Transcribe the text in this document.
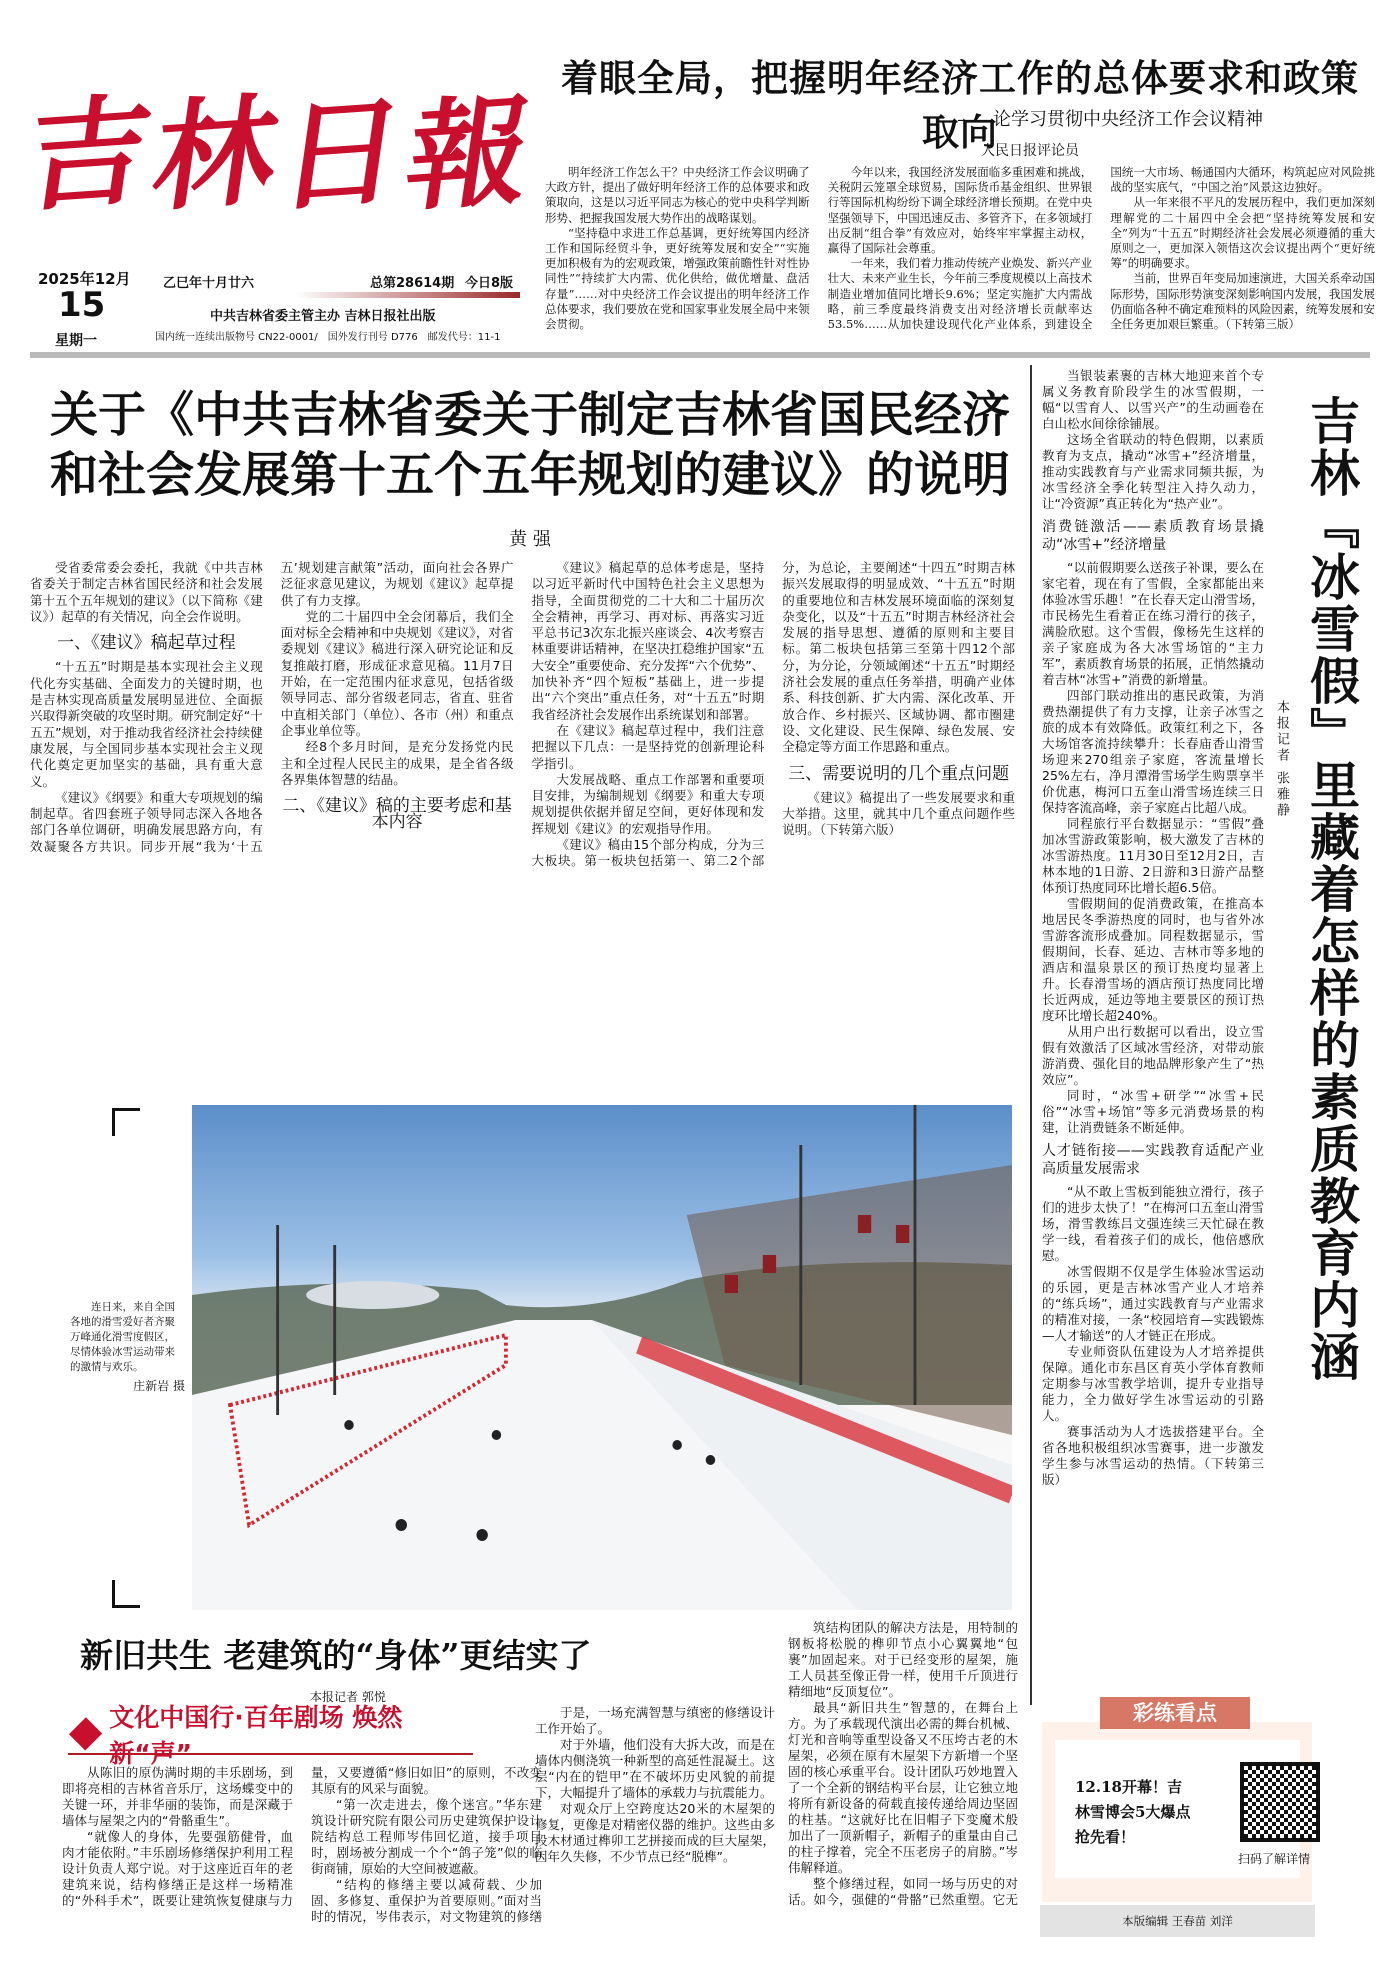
吉
林
日
報
2025年12月
15
星期一
乙巳年十月廿六	总第28614期 今日8版
中共吉林省委主管主办 吉林日报社出版
国内统一连续出版物号 CN22-0001/　国外发行刊号 D776　邮发代号：11-1
着眼全局，把握明年经济工作的总体要求和政策取向
——论学习贯彻中央经济工作会议精神
人民日报评论员

明年经济工作怎么干？中央经济工作会议明确了大政方针，提出了做好明年经济工作的总体要求和政策取向，这是以习近平同志为核心的党中央科学判断形势、把握我国发展大势作出的战略谋划。

“坚持稳中求进工作总基调，更好统筹国内经济工作和国际经贸斗争，更好统筹发展和安全”“实施更加积极有为的宏观政策，增强政策前瞻性针对性协同性”“持续扩大内需、优化供给，做优增量、盘活存量”……对中央经济工作会议提出的明年经济工作总体要求，我们要放在党和国家事业发展全局中来领会贯彻。

今年以来，我国经济发展面临多重困难和挑战，关税阴云笼罩全球贸易，国际货币基金组织、世界银行等国际机构纷纷下调全球经济增长预期。在党中央坚强领导下，中国迅速反击、多管齐下，在多领域打出反制“组合拳”有效应对，始终牢牢掌握主动权，赢得了国际社会尊重。

一年来，我们着力推动传统产业焕发、新兴产业壮大、未来产业生长，今年前三季度规模以上高技术制造业增加值同比增长9.6%；坚定实施扩大内需战略，前三季度最终消费支出对经济增长贡献率达53.5%……从加快建设现代化产业体系，到建设全国统一大市场、畅通国内大循环，构筑起应对风险挑战的坚实底气，“中国之治”风景这边独好。

从一年来很不平凡的发展历程中，我们更加深刻理解党的二十届四中全会把“坚持统筹发展和安全”列为“十五五”时期经济社会发展必须遵循的重大原则之一，更加深入领悟这次会议提出两个“更好统筹”的明确要求。

当前，世界百年变局加速演进，大国关系牵动国际形势，国际形势演变深刻影响国内发展，我国发展仍面临各种不确定难预料的风险因素，统筹发展和安全任务更加艰巨繁重。（下转第三版）

关于《中共吉林省委关于制定吉林省国民经济
和社会发展第十五个五年规划的建议》的说明
黄 强

受省委常委会委托，我就《中共吉林省委关于制定吉林省国民经济和社会发展第十五个五年规划的建议》（以下简称《建议》）起草的有关情况，向全会作说明。

一、《建议》稿起草过程

“十五五”时期是基本实现社会主义现代化夯实基础、全面发力的关键时期，也是吉林实现高质量发展明显进位、全面振兴取得新突破的攻坚时期。研究制定好“十五五”规划，对于推动我省经济社会持续健康发展，与全国同步基本实现社会主义现代化奠定更加坚实的基础，具有重大意义。

《建议》《纲要》和重大专项规划的编制起草。省四套班子领导同志深入各地各部门各单位调研，明确发展思路方向，有效凝聚各方共识。同步开展“我为‘十五五’规划建言献策”活动，面向社会各界广泛征求意见建议，为规划《建议》起草提供了有力支撑。

党的二十届四中全会闭幕后，我们全面对标全会精神和中央规划《建议》，对省委规划《建议》稿进行深入研究论证和反复推敲打磨，形成征求意见稿。11月7日开始，在一定范围内征求意见，包括省级领导同志、部分省级老同志，省直、驻省中直相关部门（单位）、各市（州）和重点企事业单位等。

经8个多月时间，是充分发扬党内民主和全过程人民民主的成果，是全省各级各界集体智慧的结晶。

二、《建议》稿的主要考虑和基本内容

《建议》稿起草的总体考虑是，坚持以习近平新时代中国特色社会主义思想为指导，全面贯彻党的二十大和二十届历次全会精神，再学习、再对标、再落实习近平总书记3次东北振兴座谈会、4次考察吉林重要讲话精神，在坚决扛稳维护国家“五大安全”重要使命、充分发挥“六个优势”、加快补齐“四个短板”基础上，进一步提出“六个突出”重点任务，对“十五五”时期我省经济社会发展作出系统谋划和部署。

在《建议》稿起草过程中，我们注意把握以下几点：一是坚持党的创新理论科学指引。

大发展战略、重点工作部署和重要项目安排，为编制规划《纲要》和重大专项规划提供依据并留足空间，更好体现和发挥规划《建议》的宏观指导作用。

《建议》稿由15个部分构成，分为三大板块。第一板块包括第一、第二2个部分，为总论，主要阐述“十四五”时期吉林振兴发展取得的明显成效、“十五五”时期的重要地位和吉林发展环境面临的深刻复杂变化，以及“十五五”时期吉林经济社会发展的指导思想、遵循的原则和主要目标。第二板块包括第三至第十四12个部分，为分论，分领域阐述“十五五”时期经济社会发展的重点任务举措，明确产业体系、科技创新、扩大内需、深化改革、开放合作、乡村振兴、区域协调、都市圈建设、文化建设、民生保障、绿色发展、安全稳定等方面工作思路和重点。

三、需要说明的几个重点问题

《建议》稿提出了一些发展要求和重大举措。这里，就其中几个重点问题作些说明。（下转第六版）

连日来，来自全国各地的滑雪爱好者齐聚万峰通化滑雪度假区，尽情体验冰雪运动带来的激情与欢乐。
庄新岩 摄
新旧共生 老建筑的“身体”更结实了
本报记者 郭悦
文化中国行·百年剧场 焕然新“声”

从陈旧的原伪满时期的丰乐剧场，到即将亮相的吉林省音乐厅，这场蝶变中的关键一环，并非华丽的装饰，而是深藏于墙体与屋架之内的“骨骼重生”。

“就像人的身体，先要强筋健骨，血肉才能依附。”丰乐剧场修缮保护利用工程设计负责人郑宁说。对于这座近百年的老建筑来说，结构修缮正是这样一场精准的“外科手术”，既要让建筑恢复健康与力量，又要遵循“修旧如旧”的原则，不改变其原有的风采与面貌。

“第一次走进去，像个迷宫。”华东建筑设计研究院有限公司历史建筑保护设计院结构总工程师岑伟回忆道，接手项目时，剧场被分割成一个个“鸽子笼”似的临街商铺，原始的大空间被遮蔽。

“结构的修缮主要以减荷载、少加固、多修复、重保护为首要原则。”面对当时的情况，岑伟表示，对文物建筑的修缮

于是，一场充满智慧与缜密的修缮设计工作开始了。

对于外墙，他们没有大拆大改，而是在墙体内侧浇筑一种新型的高延性混凝土。这层“内在的铠甲”在不破坏历史风貌的前提下，大幅提升了墙体的承载力与抗震能力。

对观众厅上空跨度达20米的木屋架的修复，更像是对精密仪器的维护。这些由多段木材通过榫卯工艺拼接而成的巨大屋架，因年久失修，不少节点已经“脱榫”。

筑结构团队的解决方法是，用特制的钢板将松脱的榫卯节点小心翼翼地“包裹”加固起来。对于已经变形的屋架，施工人员甚至像正骨一样，使用千斤顶进行精细地“反顶复位”。

最具“新旧共生”智慧的，在舞台上方。为了承载现代演出必需的舞台机械、灯光和音响等重型设备又不压垮古老的木屋架，必须在原有木屋架下方新增一个坚固的核心承重平台。设计团队巧妙地置入了一个全新的钢结构平台层，让它独立地将所有新设备的荷载直接传递给周边坚固的柱基。“这就好比在旧帽子下变魔术般加出了一顶新帽子，新帽子的重量由自己的柱子撑着，完全不压老房子的肩膀。”岑伟解释道。

整个修缮过程，如同一场与历史的对话。如今，强健的“骨骼”已然重塑。它无

当银装素裹的吉林大地迎来首个专属义务教育阶段学生的冰雪假期，一幅“以雪育人、以雪兴产”的生动画卷在白山松水间徐徐铺展。

这场全省联动的特色假期，以素质教育为支点，撬动“冰雪+”经济增量，推动实践教育与产业需求同频共振，为冰雪经济全季化转型注入持久动力，让“冷资源”真正转化为“热产业”。

消费链激活——素质教育场景撬动“冰雪+”经济增量

“以前假期要么送孩子补课，要么在家宅着，现在有了雪假，全家都能出来体验冰雪乐趣！”在长春天定山滑雪场，市民杨先生看着正在练习滑行的孩子，满脸欣慰。这个雪假，像杨先生这样的亲子家庭成为各大冰雪场馆的“主力军”，素质教育场景的拓展，正悄然撬动着吉林“冰雪+”消费的新增量。

四部门联动推出的惠民政策，为消费热潮提供了有力支撑，让亲子冰雪之旅的成本有效降低。政策红利之下，各大场馆客流持续攀升：长春庙香山滑雪场迎来270组亲子家庭，客流量增长25%左右，净月潭滑雪场学生购票享半价优惠，梅河口五奎山滑雪场连续三日保持客流高峰，亲子家庭占比超八成。

同程旅行平台数据显示：“雪假”叠加冰雪游政策影响，极大激发了吉林的冰雪游热度。11月30日至12月2日，吉林本地的1日游、2日游和3日游产品整体预订热度同环比增长超6.5倍。

雪假期间的促消费政策，在推高本地居民冬季游热度的同时，也与省外冰雪游客流形成叠加。同程数据显示，雪假期间，长春、延边、吉林市等多地的酒店和温泉景区的预订热度均显著上升。长春滑雪场的酒店预订热度同比增长近两成，延边等地主要景区的预订热度环比增长超240%。

从用户出行数据可以看出，设立雪假有效激活了区域冰雪经济，对带动旅游消费、强化目的地品牌形象产生了“热效应”。

同时，“冰雪+研学”“冰雪+民俗”“冰雪+场馆”等多元消费场景的构建，让消费链条不断延伸。

人才链衔接——实践教育适配产业高质量发展需求

“从不敢上雪板到能独立滑行，孩子们的进步太快了！”在梅河口五奎山滑雪场，滑雪教练吕文强连续三天忙碌在教学一线，看着孩子们的成长，他倍感欣慰。

冰雪假期不仅是学生体验冰雪运动的乐园，更是吉林冰雪产业人才培养的“练兵场”，通过实践教育与产业需求的精准对接，一条“校园培育—实践锻炼—人才输送”的人才链正在形成。

专业师资队伍建设为人才培养提供保障。通化市东昌区育英小学体育教师定期参与冰雪教学培训，提升专业指导能力，全力做好学生冰雪运动的引路人。

赛事活动为人才选拔搭建平台。全省各地积极组织冰雪赛事，进一步激发学生参与冰雪运动的热情。（下转第三版）

吉林『冰雪假』里藏着怎样的素质教育内涵
本报记者 张雅静
彩练看点
12.18开幕！吉林雪博会5大爆点抢先看！
扫码了解详情
本版编辑 王春苗 刘洋
